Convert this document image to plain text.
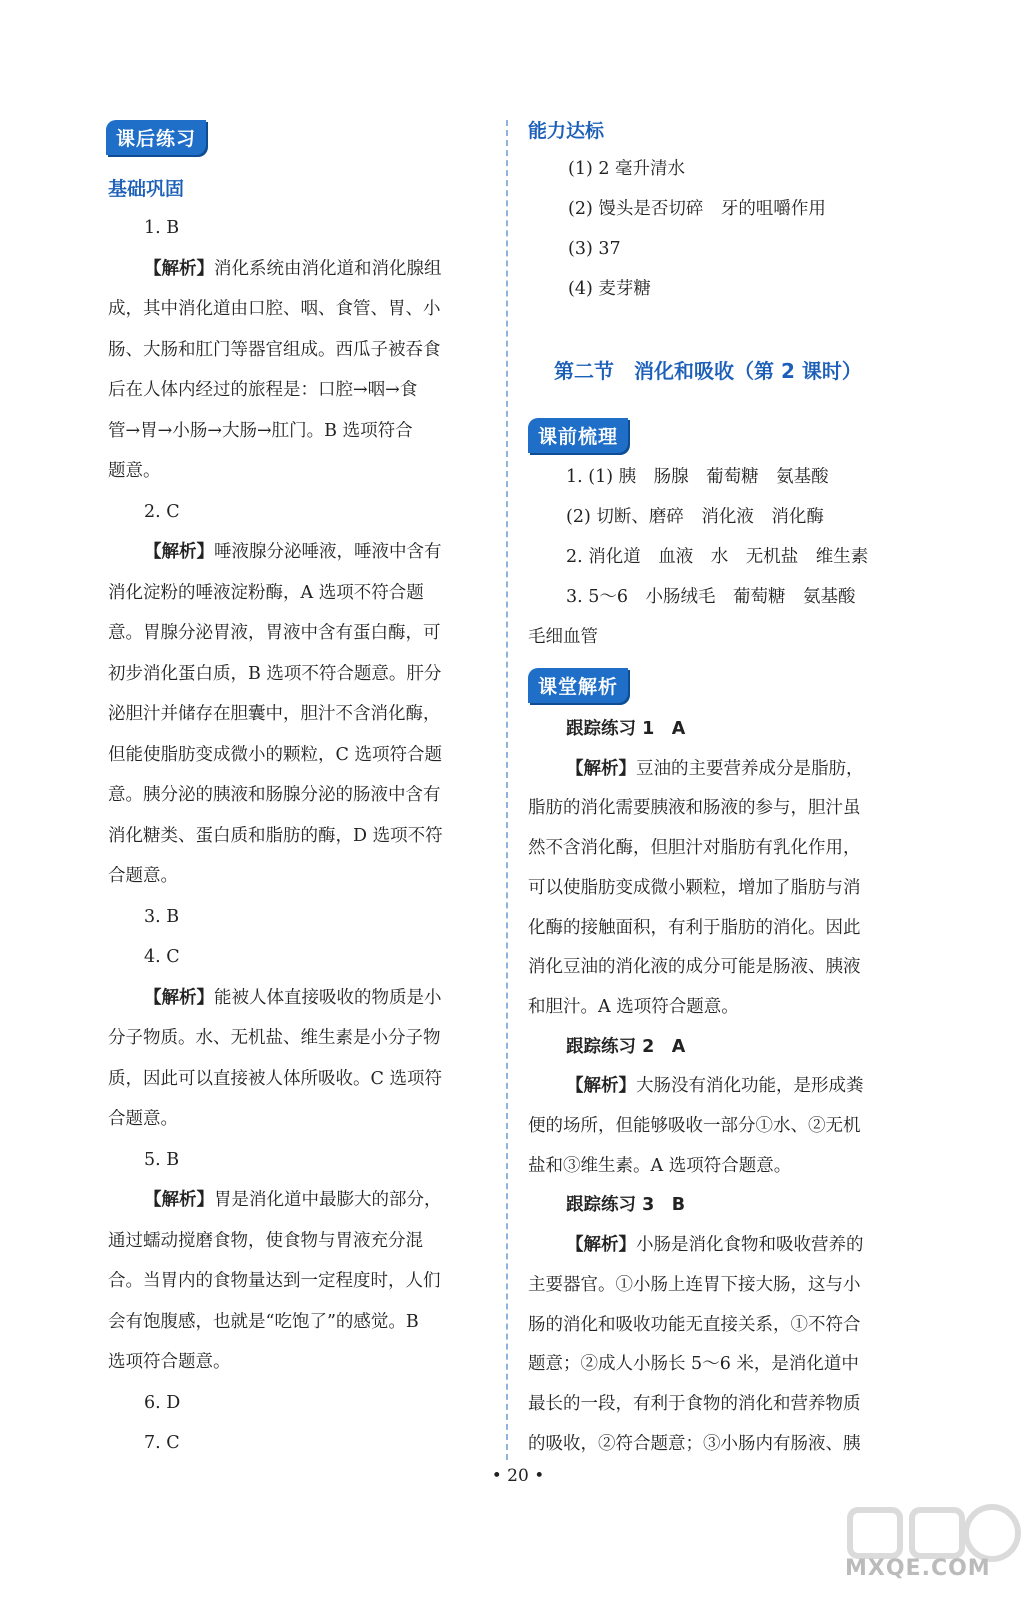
课后练习
基础巩固
1. B
【解析】消化系统由消化道和消化腺组
成，其中消化道由口腔、咽、食管、胃、小
肠、大肠和肛门等器官组成。西瓜子被吞食
后在人体内经过的旅程是：口腔→咽→食
管→胃→小肠→大肠→肛门。B 选项符合
题意。
2. C
【解析】唾液腺分泌唾液，唾液中含有
消化淀粉的唾液淀粉酶，A 选项不符合题
意。胃腺分泌胃液，胃液中含有蛋白酶，可
初步消化蛋白质，B 选项不符合题意。肝分
泌胆汁并储存在胆囊中，胆汁不含消化酶，
但能使脂肪变成微小的颗粒，C 选项符合题
意。胰分泌的胰液和肠腺分泌的肠液中含有
消化糖类、蛋白质和脂肪的酶，D 选项不符
合题意。
3. B
4. C
【解析】能被人体直接吸收的物质是小
分子物质。水、无机盐、维生素是小分子物
质，因此可以直接被人体所吸收。C 选项符
合题意。
5. B
【解析】胃是消化道中最膨大的部分，
通过蠕动搅磨食物，使食物与胃液充分混
合。当胃内的食物量达到一定程度时，人们
会有饱腹感，也就是“吃饱了”的感觉。B
选项符合题意。
6. D
7. C
能力达标
(1) 2 毫升清水
(2) 馒头是否切碎　牙的咀嚼作用
(3) 37
(4) 麦芽糖
第二节　消化和吸收（第 2 课时）
课前梳理
1. (1) 胰　肠腺　葡萄糖　氨基酸
(2) 切断、磨碎　消化液　消化酶
2. 消化道　血液　水　无机盐　维生素
3. 5～6　小肠绒毛　葡萄糖　氨基酸
毛细血管
课堂解析
跟踪练习 1　A
【解析】豆油的主要营养成分是脂肪，
脂肪的消化需要胰液和肠液的参与，胆汁虽
然不含消化酶，但胆汁对脂肪有乳化作用，
可以使脂肪变成微小颗粒，增加了脂肪与消
化酶的接触面积，有利于脂肪的消化。因此
消化豆油的消化液的成分可能是肠液、胰液
和胆汁。A 选项符合题意。
跟踪练习 2　A
【解析】大肠没有消化功能，是形成粪
便的场所，但能够吸收一部分①水、②无机
盐和③维生素。A 选项符合题意。
跟踪练习 3　B
【解析】小肠是消化食物和吸收营养的
主要器官。①小肠上连胃下接大肠，这与小
肠的消化和吸收功能无直接关系，①不符合
题意；②成人小肠长 5～6 米，是消化道中
最长的一段，有利于食物的消化和营养物质
的吸收，②符合题意；③小肠内有肠液、胰
• 20 •
MXQE.COM
